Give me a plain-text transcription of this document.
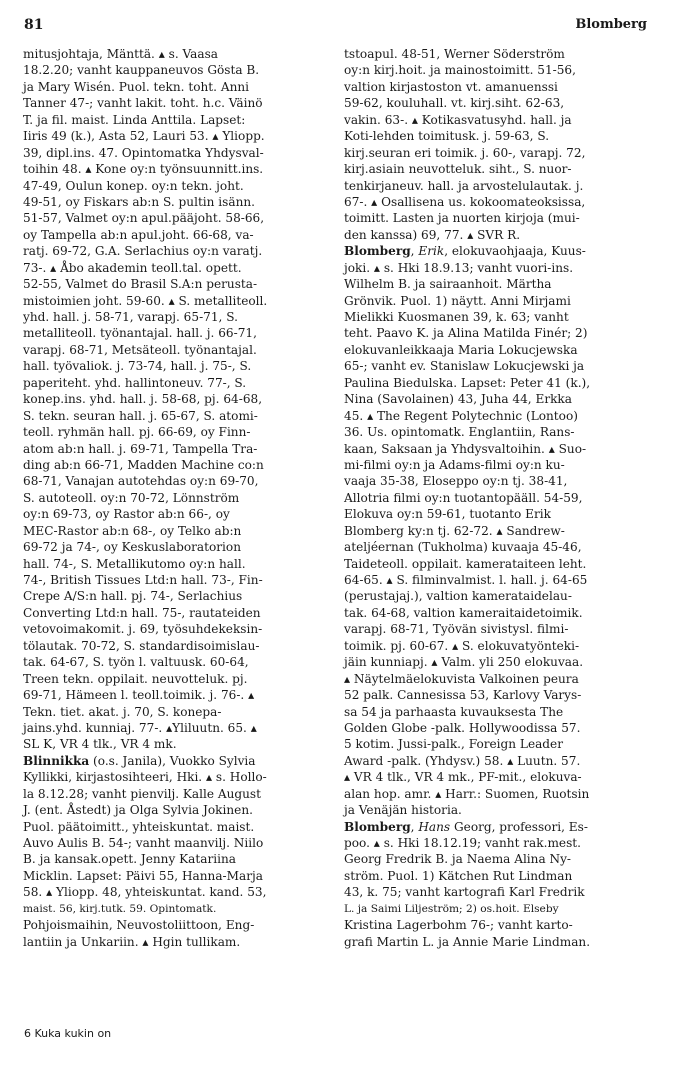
81	Blomberg
mitusjohtaja, Mänttä. ▴ s. Vaasa
18.2.20; vanht kauppaneuvos Gösta B.
ja Mary Wisén. Puol. tekn. toht. Anni
Tanner 47-; vanht lakit. toht. h.c. Väinö
T. ja fil. maist. Linda Anttila. Lapset:
Iiris 49 (k.), Asta 52, Lauri 53. ▴ Yliopp.
39, dipl.ins. 47. Opintomatka Yhdysval-
toihin 48. ▴ Kone oy:n työnsuunnitt.ins.
47-49, Oulun konep. oy:n tekn. joht.
49-51, oy Fiskars ab:n S. pultin isänn.
51-57, Valmet oy:n apul.pääjoht. 58-66,
oy Tampella ab:n apul.joht. 66-68, va-
ratj. 69-72, G.A. Serlachius oy:n varatj.
73-. ▴ Åbo akademin teoll.tal. opett.
52-55, Valmet do Brasil S.A:n perusta-
mistoimien joht. 59-60. ▴ S. metalliteoll.
yhd. hall. j. 58-71, varapj. 65-71, S.
metalliteoll. työnantajal. hall. j. 66-71,
varapj. 68-71, Metsäteoll. työnantajal.
hall. työvaliok. j. 73-74, hall. j. 75-, S.
paperiteht. yhd. hallintoneuv. 77-, S.
konep.ins. yhd. hall. j. 58-68, pj. 64-68,
S. tekn. seuran hall. j. 65-67, S. atomi-
teoll. ryhmän hall. pj. 66-69, oy Finn-
atom ab:n hall. j. 69-71, Tampella Tra-
ding ab:n 66-71, Madden Machine co:n
68-71, Vanajan autotehdas oy:n 69-70,
S. autoteoll. oy:n 70-72, Lönnström
oy:n 69-73, oy Rastor ab:n 66-, oy
MEC-Rastor ab:n 68-, oy Telko ab:n
69-72 ja 74-, oy Keskuslaboratorion
hall. 74-, S. Metallikutomo oy:n hall.
74-, British Tissues Ltd:n hall. 73-, Fin-
Crepe A/S:n hall. pj. 74-, Serlachius
Converting Ltd:n hall. 75-, rautateiden
vetovoimakomit. j. 69, työsuhdekeksin-
tölautak. 70-72, S. standardisoimislau-
tak. 64-67, S. työn l. valtuusk. 60-64,
Treen tekn. oppilait. neuvotteluk. pj.
69-71, Hämeen l. teoll.toimik. j. 76-. ▴
Tekn. tiet. akat. j. 70, S. konepa-
jains.yhd. kunniaj. 77-. ▴Yliluutn. 65. ▴
SL K, VR 4 tlk., VR 4 mk.
Blinnikka (o.s. Janila), Vuokko Sylvia
Kyllikki, kirjastosihteeri, Hki. ▴ s. Hollo-
la 8.12.28; vanht pienvilj. Kalle August
J. (ent. Åstedt) ja Olga Sylvia Jokinen.
Puol. päätoimitt., yhteiskuntat. maist.
Auvo Aulis B. 54-; vanht maanvilj. Niilo
B. ja kansak.opett. Jenny Katariina
Micklin. Lapset: Päivi 55, Hanna-Marja
58. ▴ Yliopp. 48, yhteiskuntat. kand. 53,
maist. 56, kirj.tutk. 59. Opintomatk.
Pohjoismaihin, Neuvostoliittoon, Eng-
lantiin ja Unkariin. ▴ Hgin tullikam.
tstoapul. 48-51, Werner Söderström
oy:n kirj.hoit. ja mainostoimitt. 51-56,
valtion kirjastoston vt. amanuenssi
59-62, kouluhall. vt. kirj.siht. 62-63,
vakin. 63-. ▴ Kotikasvatusyhd. hall. ja
Koti-lehden toimitusk. j. 59-63, S.
kirj.seuran eri toimik. j. 60-, varapj. 72,
kirj.asiain neuvotteluk. siht., S. nuor-
tenkirjaneuv. hall. ja arvostelulautak. j.
67-. ▴ Osallisena us. kokoomateoksissa,
toimitt. Lasten ja nuorten kirjoja (mui-
den kanssa) 69, 77. ▴ SVR R.
Blomberg, Erik, elokuvaohjaaja, Kuus-
joki. ▴ s. Hki 18.9.13; vanht vuori-ins.
Wilhelm B. ja sairaanhoit. Märtha
Grönvik. Puol. 1) näytt. Anni Mirjami
Mielikki Kuosmanen 39, k. 63; vanht
teht. Paavo K. ja Alina Matilda Finér; 2)
elokuvanleikkaaja Maria Lokucjewska
65-; vanht ev. Stanislaw Lokucjewski ja
Paulina Biedulska. Lapset: Peter 41 (k.),
Nina (Savolainen) 43, Juha 44, Erkka
45. ▴ The Regent Polytechnic (Lontoo)
36. Us. opintomatk. Englantiin, Rans-
kaan, Saksaan ja Yhdysvaltoihin. ▴ Suo-
mi-filmi oy:n ja Adams-filmi oy:n ku-
vaaja 35-38, Eloseppo oy:n tj. 38-41,
Allotria filmi oy:n tuotantopääll. 54-59,
Elokuva oy:n 59-61, tuotanto Erik
Blomberg ky:n tj. 62-72. ▴ Sandrew-
ateljéernan (Tukholma) kuvaaja 45-46,
Taideteoll. oppilait. kamerataiteen leht.
64-65. ▴ S. filminvalmist. l. hall. j. 64-65
(perustajaj.), valtion kamerataidelau-
tak. 64-68, valtion kameraitaidetoimik.
varapj. 68-71, Työvän sivistysl. filmi-
toimik. pj. 60-67. ▴ S. elokuvatyönteki-
jäin kunniapj. ▴ Valm. yli 250 elokuvaa.
▴ Näytelmäelokuvista Valkoinen peura
52 palk. Cannesissa 53, Karlovy Varys-
sa 54 ja parhaasta kuvauksesta The
Golden Globe -palk. Hollywoodissa 57.
5 kotim. Jussi-palk., Foreign Leader
Award -palk. (Yhdysv.) 58. ▴ Luutn. 57.
▴ VR 4 tlk., VR 4 mk., PF-mit., elokuva-
alan hop. amr. ▴ Harr.: Suomen, Ruotsin
ja Venäjän historia.
Blomberg, Hans Georg, professori, Es-
poo. ▴ s. Hki 18.12.19; vanht rak.mest.
Georg Fredrik B. ja Naema Alina Ny-
ström. Puol. 1) Kätchen Rut Lindman
43, k. 75; vanht kartografi Karl Fredrik
L. ja Saimi Liljeström; 2) os.hoit. Elseby
Kristina Lagerbohm 76-; vanht karto-
grafi Martin L. ja Annie Marie Lindman.
6 Kuka kukin on
